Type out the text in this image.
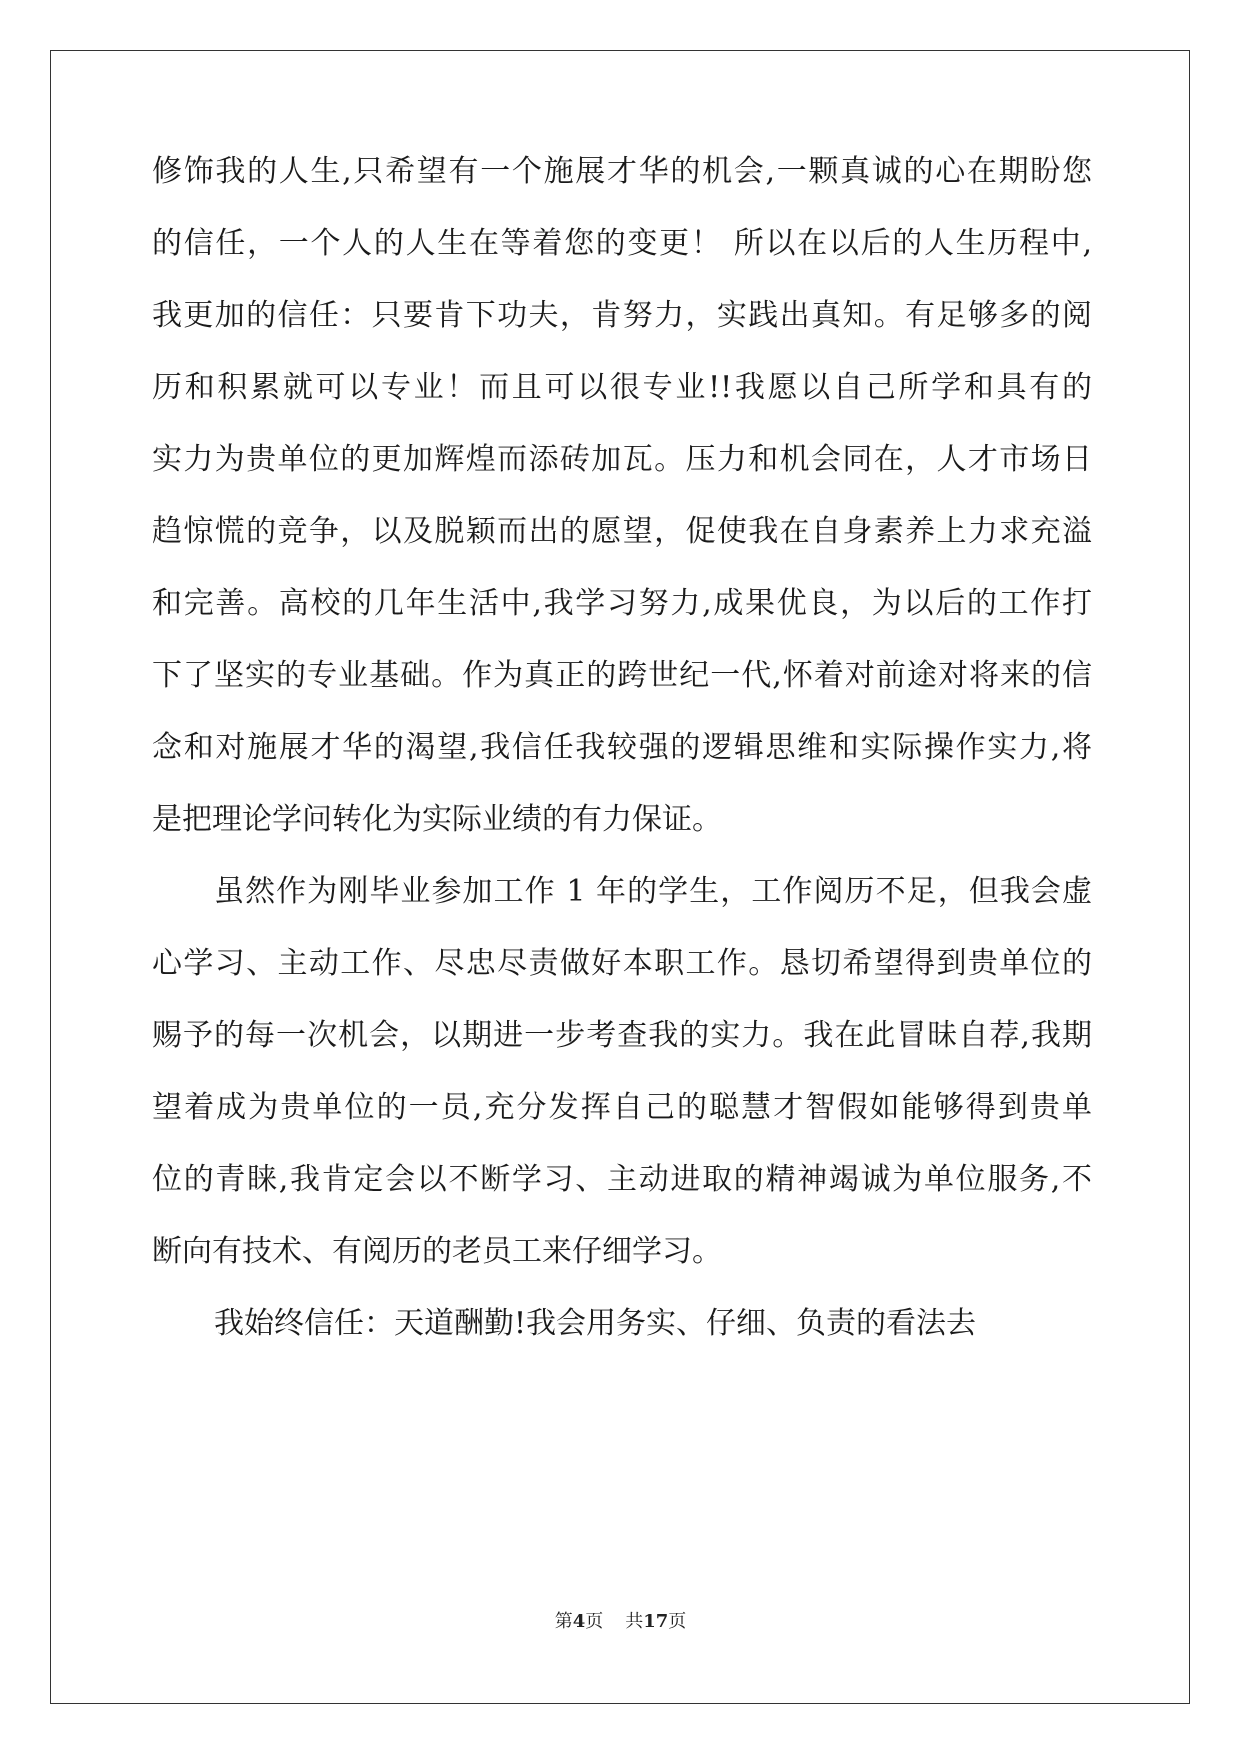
修饰我的人生,只希望有一个施展才华的机会,一颗真诚的心在期盼您
的信任，一个人的人生在等着您的变更！ 所以在以后的人生历程中,
我更加的信任：只要肯下功夫，肯努力，实践出真知。有足够多的阅
历和积累就可以专业！而且可以很专业!!我愿以自己所学和具有的
实力为贵单位的更加辉煌而添砖加瓦。压力和机会同在，人才市场日
趋惊慌的竞争，以及脱颖而出的愿望，促使我在自身素养上力求充溢
和完善。高校的几年生活中,我学习努力,成果优良，为以后的工作打
下了坚实的专业基础。作为真正的跨世纪一代,怀着对前途对将来的信
念和对施展才华的渴望,我信任我较强的逻辑思维和实际操作实力,将
是把理论学问转化为实际业绩的有力保证。
虽然作为刚毕业参加工作 1 年的学生，工作阅历不足，但我会虚
心学习、主动工作、尽忠尽责做好本职工作。恳切希望得到贵单位的
赐予的每一次机会，以期进一步考查我的实力。我在此冒昧自荐,我期
望着成为贵单位的一员,充分发挥自己的聪慧才智假如能够得到贵单
位的青睐,我肯定会以不断学习、主动进取的精神竭诚为单位服务,不
断向有技术、有阅历的老员工来仔细学习。
我始终信任：天道酬勤!我会用务实、仔细、负责的看法去
第4页 共17页
